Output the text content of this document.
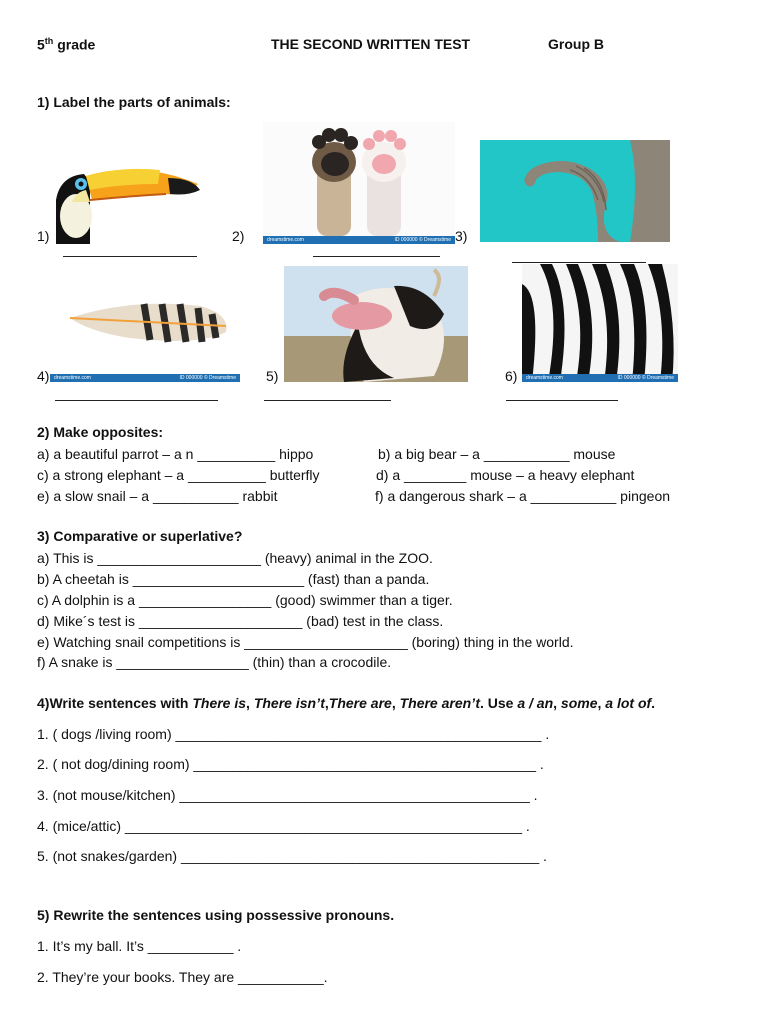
5th grade	THE SECOND WRITTEN TEST	Group B
1) Label the parts of animals:
1)	2)	dreamstime.com	ID 000000 © Dreamstime 3)
dreamstime.com	ID 000000 © Dreamstime
4)	5)	6) dreamstime.com	ID 000000 © Dreamstime
2) Make opposites:
a) a beautiful parrot – a n __________ hippo	b) a big bear – a ___________ mouse
c) a strong elephant – a __________ butterfly	d) a ________ mouse – a heavy elephant
e) a slow snail – a ___________ rabbit	f) a dangerous shark – a ___________ pingeon
3) Comparative or superlative?
a) This is _____________________ (heavy) animal in the ZOO.
b) A cheetah is ______________________ (fast) than a panda.
c) A dolphin is a _________________ (good) swimmer than a tiger.
d) Mike´s test is _____________________ (bad) test in the class.
e) Watching snail competitions is _____________________ (boring) thing in the world.
f) A snake is _________________ (thin) than a crocodile.
4)Write sentences with There is, There isn’t,There are, There aren’t. Use a / an, some, a lot of.
1. ( dogs /living room) _______________________________________________ .
2. ( not dog/dining room) ____________________________________________ .
3. (not mouse/kitchen) _____________________________________________ .
4. (mice/attic) ___________________________________________________ .
5. (not snakes/garden) ______________________________________________ .
5) Rewrite the sentences using possessive pronouns.
1. It’s my ball. It’s ___________ .
2. They’re your books. They are ___________.
